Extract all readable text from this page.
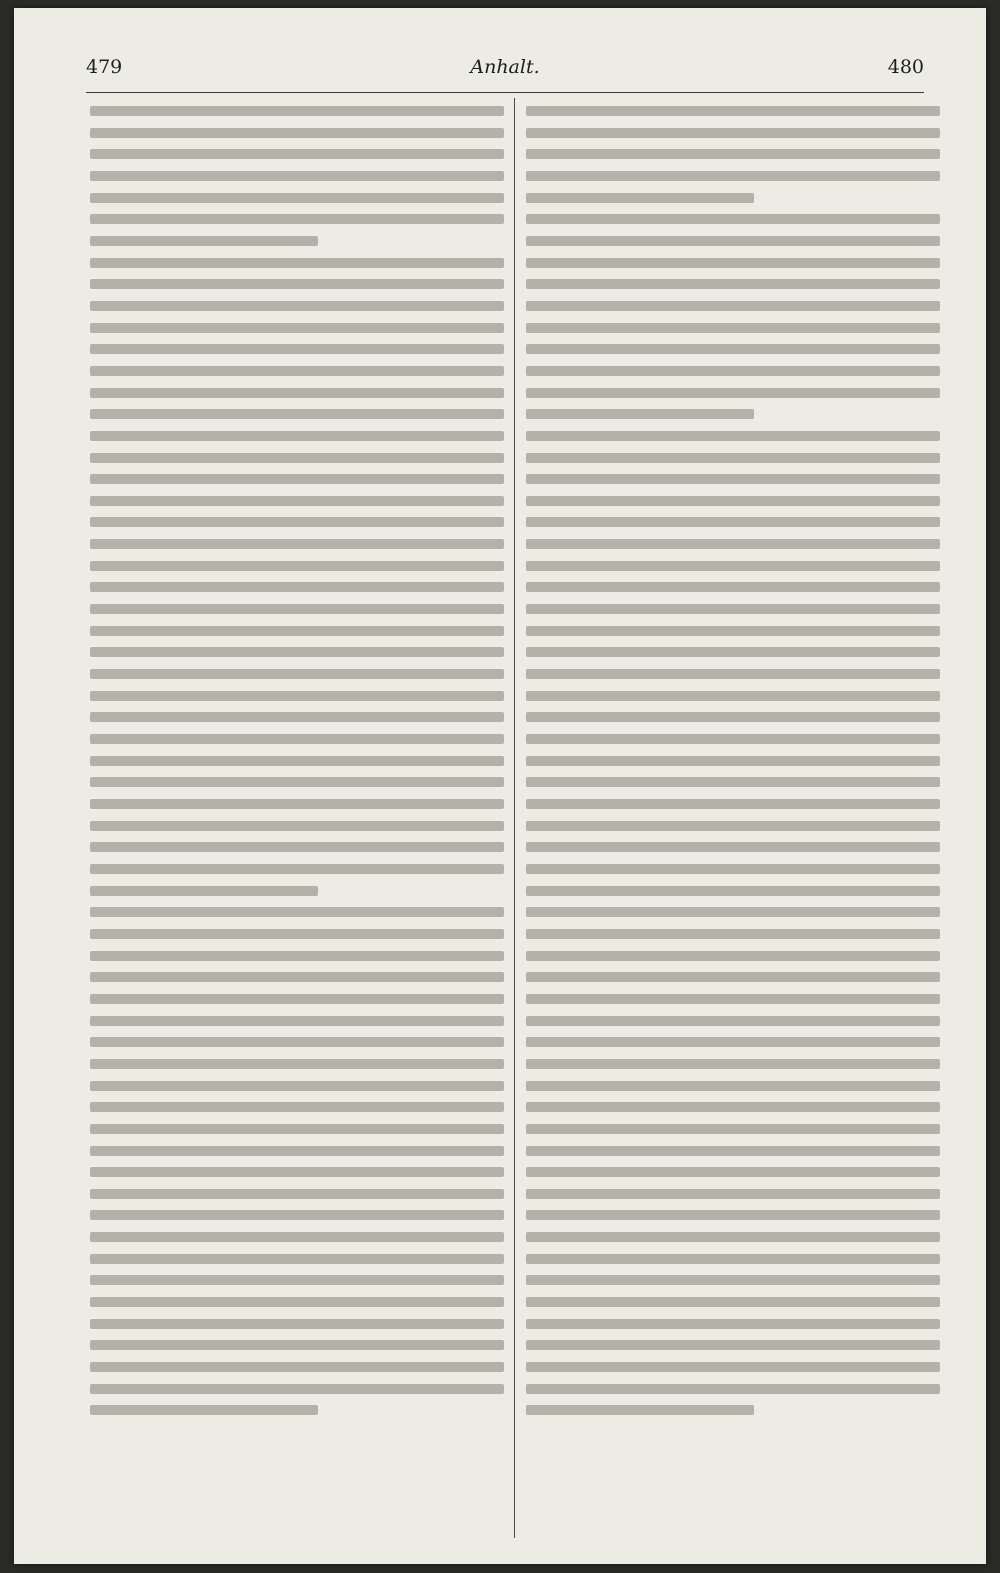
479	Anhalt.	480
